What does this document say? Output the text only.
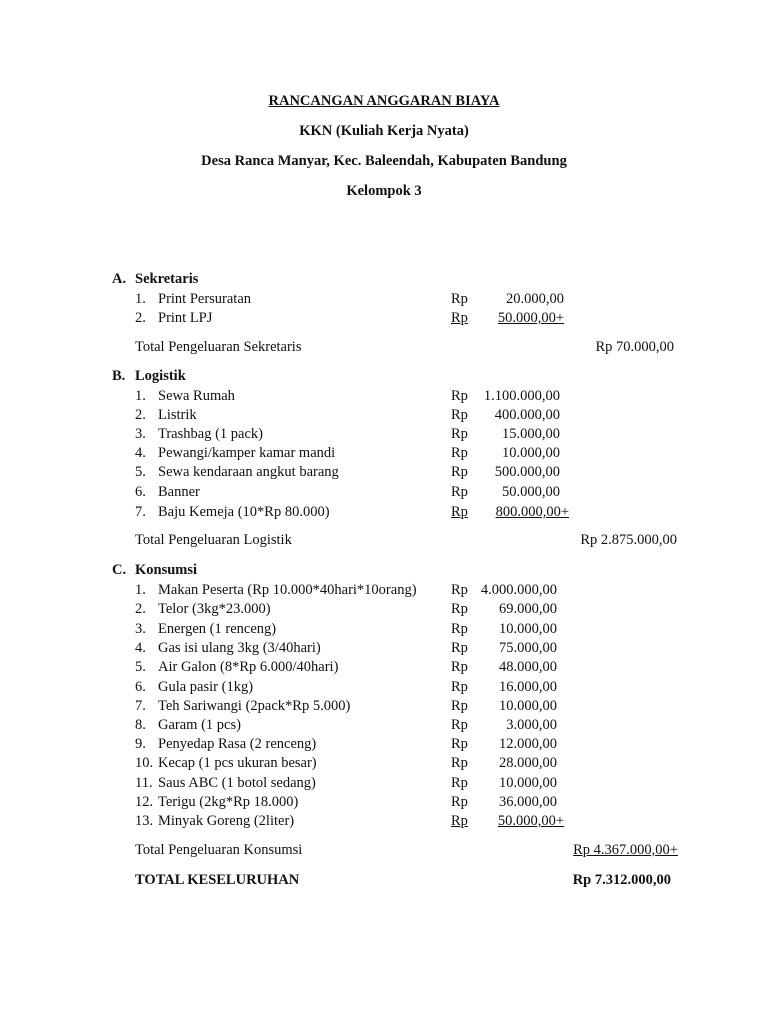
RANCANGAN ANGGARAN BIAYA
KKN (Kuliah Kerja Nyata)
Desa Ranca Manyar, Kec. Baleendah, Kabupaten Bandung
Kelompok 3
A. Sekretaris
1. Print Persuratan	Rp	20.000,00
2. Print LPJ	Rp 50.000,00+
Total Pengeluaran Sekretaris	Rp 70.000,00
B. Logistik
1. Sewa Rumah	Rp 1.100.000,00
2. Listrik	Rp 400.000,00
3. Trashbag (1 pack)	Rp 15.000,00
4. Pewangi/kamper kamar mandi	Rp 10.000,00
5. Sewa kendaraan angkut barang	Rp 500.000,00
6. Banner	Rp 50.000,00
7. Baju Kemeja (10*Rp 80.000)	Rp 800.000,00+
Total Pengeluaran Logistik	Rp 2.875.000,00
C. Konsumsi
1. Makan Peserta (Rp 10.000*40hari*10orang) Rp 4.000.000,00
2. Telor (3kg*23.000)	Rp 69.000,00
3. Energen (1 renceng)	Rp 10.000,00
4. Gas isi ulang 3kg (3/40hari)	Rp 75.000,00
5. Air Galon (8*Rp 6.000/40hari)	Rp 48.000,00
6. Gula pasir (1kg)	Rp 16.000,00
7. Teh Sariwangi (2pack*Rp 5.000)	Rp 10.000,00
8. Garam (1 pcs)	Rp	3.000,00
9. Penyedap Rasa (2 renceng)	Rp 12.000,00
10. Kecap (1 pcs ukuran besar)	Rp 28.000,00
11. Saus ABC (1 botol sedang)	Rp 10.000,00
12. Terigu (2kg*Rp 18.000)	Rp 36.000,00
13. Minyak Goreng (2liter)	Rp 50.000,00+
Total Pengeluaran Konsumsi	Rp 4.367.000,00+
TOTAL KESELURUHAN	Rp 7.312.000,00
